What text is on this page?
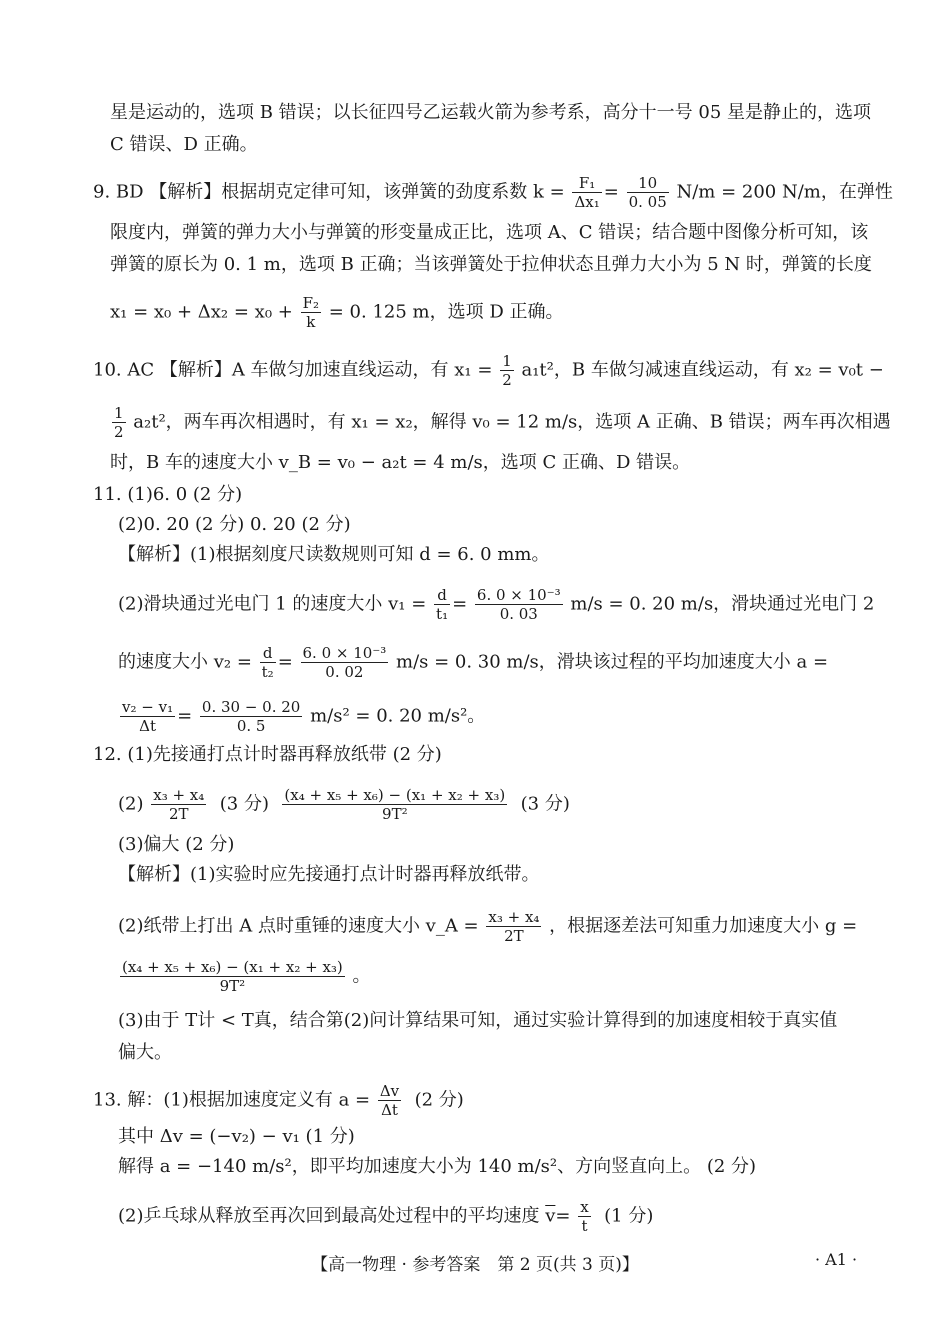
星是运动的，选项 B 错误；以长征四号乙运载火箭为参考系，高分十一号 05 星是静止的，选项
C 错误、D 正确。
9. BD 【解析】根据胡克定律可知，该弹簧的劲度系数 $k = \frac{\text{F₁}}{\text{Δx₁}} = \frac{10}{0. 05} N/m = 200$ N/m，在弹性
限度内，弹簧的弹力大小与弹簧的形变量成正比，选项 A、C 错误；结合题中图像分析可知，该
弹簧的原长为 0. 1 m，选项 B 正确；当该弹簧处于拉伸状态且弹力大小为 5 N 时，弹簧的长度
$x_1 = x_0 + \Delta x_2 = x_0 + \frac{\text{F₂}}{k} = 0$. 125 m，选项 D 正确。
10. AC 【解析】A 车做匀加速直线运动，有 $x_1 = \frac{1}{2} a_1t^2$，B 车做匀减速直线运动，有 x₂ = v₀t −
$\frac{1}{2} a_2t^2$，两车再次相遇时，有 x₁ = x₂，解得 v₀ = 12 m/s，选项 A 正确、B 错误；两车再次相遇
时，B 车的速度大小 v_B = v₀ − a₂t = 4 m/s，选项 C 正确、D 错误。
11. (1)6. 0 (2 分)
(2)0. 20 (2 分) 0. 20 (2 分)
【解析】(1)根据刻度尺读数规则可知 d = 6. 0 mm。
(2)滑块通过光电门 1 的速度大小 $v_1 = \frac{d}{\text{t₁}} = \frac{\text{6. 0 × 10⁻³}}{0. 03} m/s = 0$. 20 m/s，滑块通过光电门 2
的速度大小 $v_2 = \frac{d}{\text{t₂}} = \frac{\text{6. 0 × 10⁻³}}{0. 02} m/s = 0$. 30 m/s，滑块该过程的平均加速度大小 a =
$\frac{\text{v₂ − v₁}}{\Delta t} = \frac{0. 30 - 0. 20}{0. 5} m/s^2 = 0$. 20 m/s²。
12. (1)先接通打点计时器再释放纸带 (2 分)
$(2) \frac{\text{x₃ + x₄}}{2T} (3$ 分) $\frac{\text{(x₄ + x₅ + x₆) − (x₁ + x₂ + x₃)}}{\text{9T²}} (3$ 分)
(3)偏大 (2 分)
【解析】(1)实验时应先接通打点计时器再释放纸带。
(2)纸带上打出 A 点时重锤的速度大小 v_A = $\frac{\text{x₃ + x₄}}{2T}$ ，根据逐差法可知重力加速度大小 g =
$\frac{\text{(x₄ + x₅ + x₆) − (x₁ + x₂ + x₃)}}{\text{9T²}}$ 。
(3)由于 T计 < T真，结合第(2)问计算结果可知，通过实验计算得到的加速度相较于真实值
偏大。
13. 解：(1)根据加速度定义有 $a = \frac{\Delta v}{\Delta t} (2$ 分)
其中 Δv = (−v₂) − v₁ (1 分)
解得 a = −140 m/s²，即平均加速度大小为 140 m/s²、方向竖直向上。 (2 分)
(2)乒乓球从释放至再次回到最高处过程中的平均速度 $\overline{v}= \frac{x}{t} (1$ 分)
【高一物理 · 参考答案　第 2 页(共 3 页)】	· A1 ·
